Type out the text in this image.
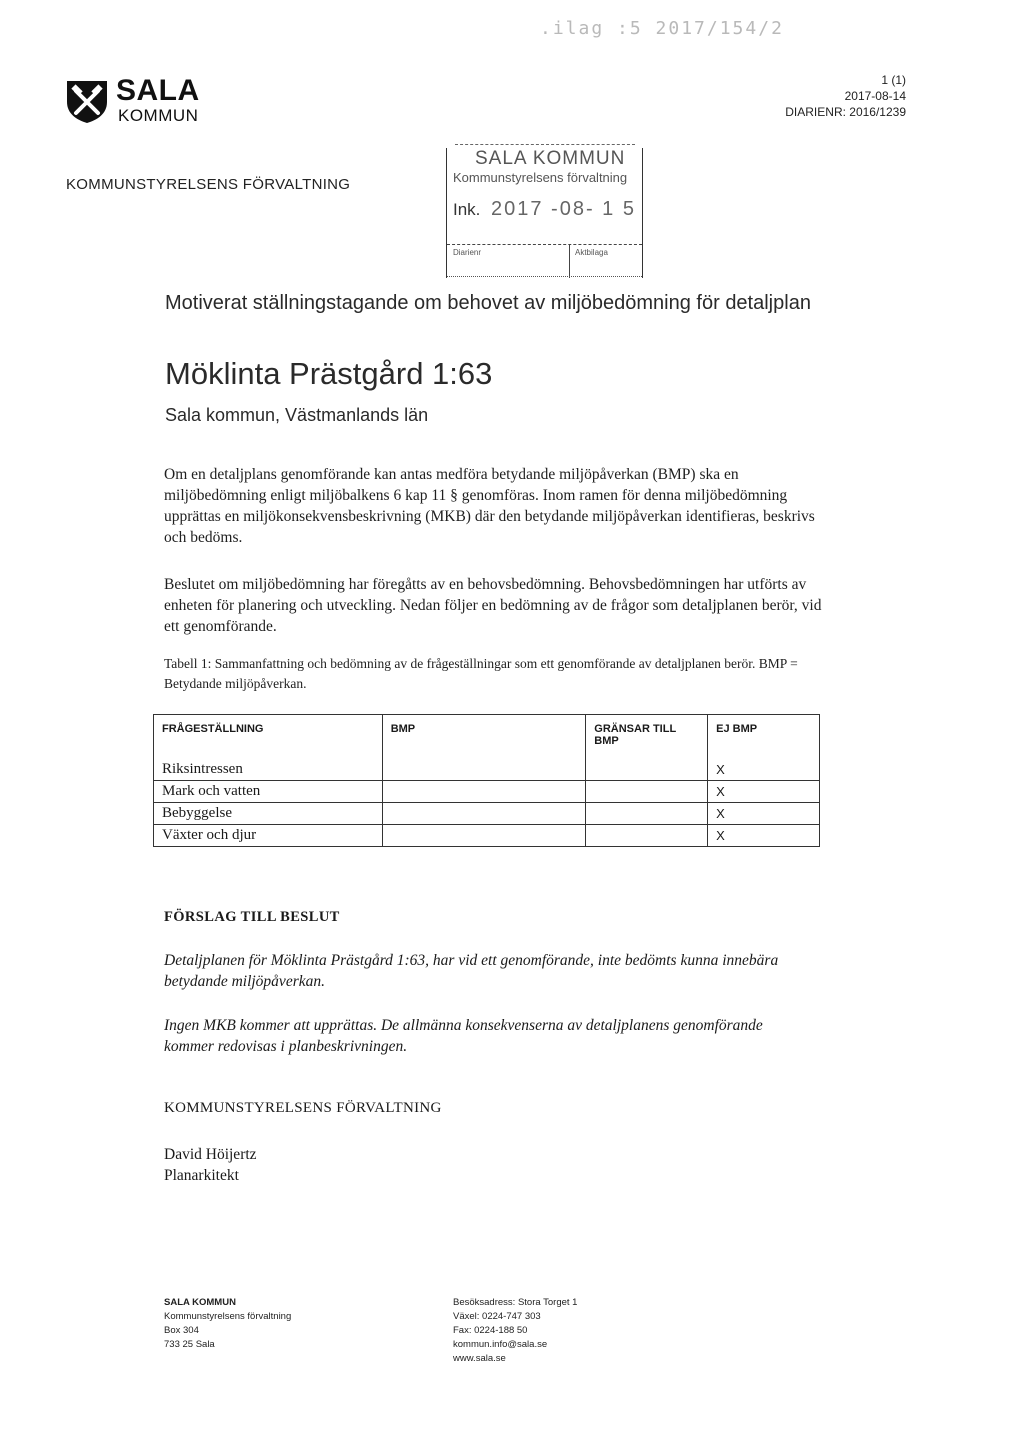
.ilag :5 2017/154/2
SALA
KOMMUN
1 (1)
2017-08-14
DIARIENR: 2016/1239
KOMMUNSTYRELSENS FÖRVALTNING
SALA KOMMUN
Kommunstyrelsens förvaltning
Ink. 2017 -08- 1 5
Diarienr	Aktbilaga
Motiverat ställningstagande om behovet av miljöbedömning för detaljplan
Möklinta Prästgård 1:63
Sala kommun, Västmanlands län
Om en detaljplans genomförande kan antas medföra betydande miljöpåverkan (BMP) ska en miljöbedömning enligt miljöbalkens 6 kap 11 § genomföras. Inom ramen för denna miljöbedömning upprättas en miljökonsekvensbeskrivning (MKB) där den betydande miljöpåverkan identifieras, beskrivs och bedöms.
Beslutet om miljöbedömning har föregåtts av en behovsbedömning. Behovsbedömningen har utförts av enheten för planering och utveckling. Nedan följer en bedömning av de frågor som detaljplanen berör, vid ett genomförande.
Tabell 1: Sammanfattning och bedömning av de frågeställningar som ett genomförande av detaljplanen berör. BMP = Betydande miljöpåverkan.
FRÅGESTÄLLNING	BMP	GRÄNSAR TILL BMP	EJ BMP
Riksintressen			X
Mark och vatten			X
Bebyggelse			X
Växter och djur			X
FÖRSLAG TILL BESLUT
Detaljplanen för Möklinta Prästgård 1:63, har vid ett genomförande, inte bedömts kunna innebära betydande miljöpåverkan.
Ingen MKB kommer att upprättas. De allmänna konsekvenserna av detaljplanens genomförande kommer redovisas i planbeskrivningen.
KOMMUNSTYRELSENS FÖRVALTNING
David Höijertz
Planarkitekt
SALA KOMMUN
Kommunstyrelsens förvaltning
Box 304
733 25 Sala
Besöksadress: Stora Torget 1
Växel: 0224-747 303
Fax: 0224-188 50
kommun.info@sala.se
www.sala.se
